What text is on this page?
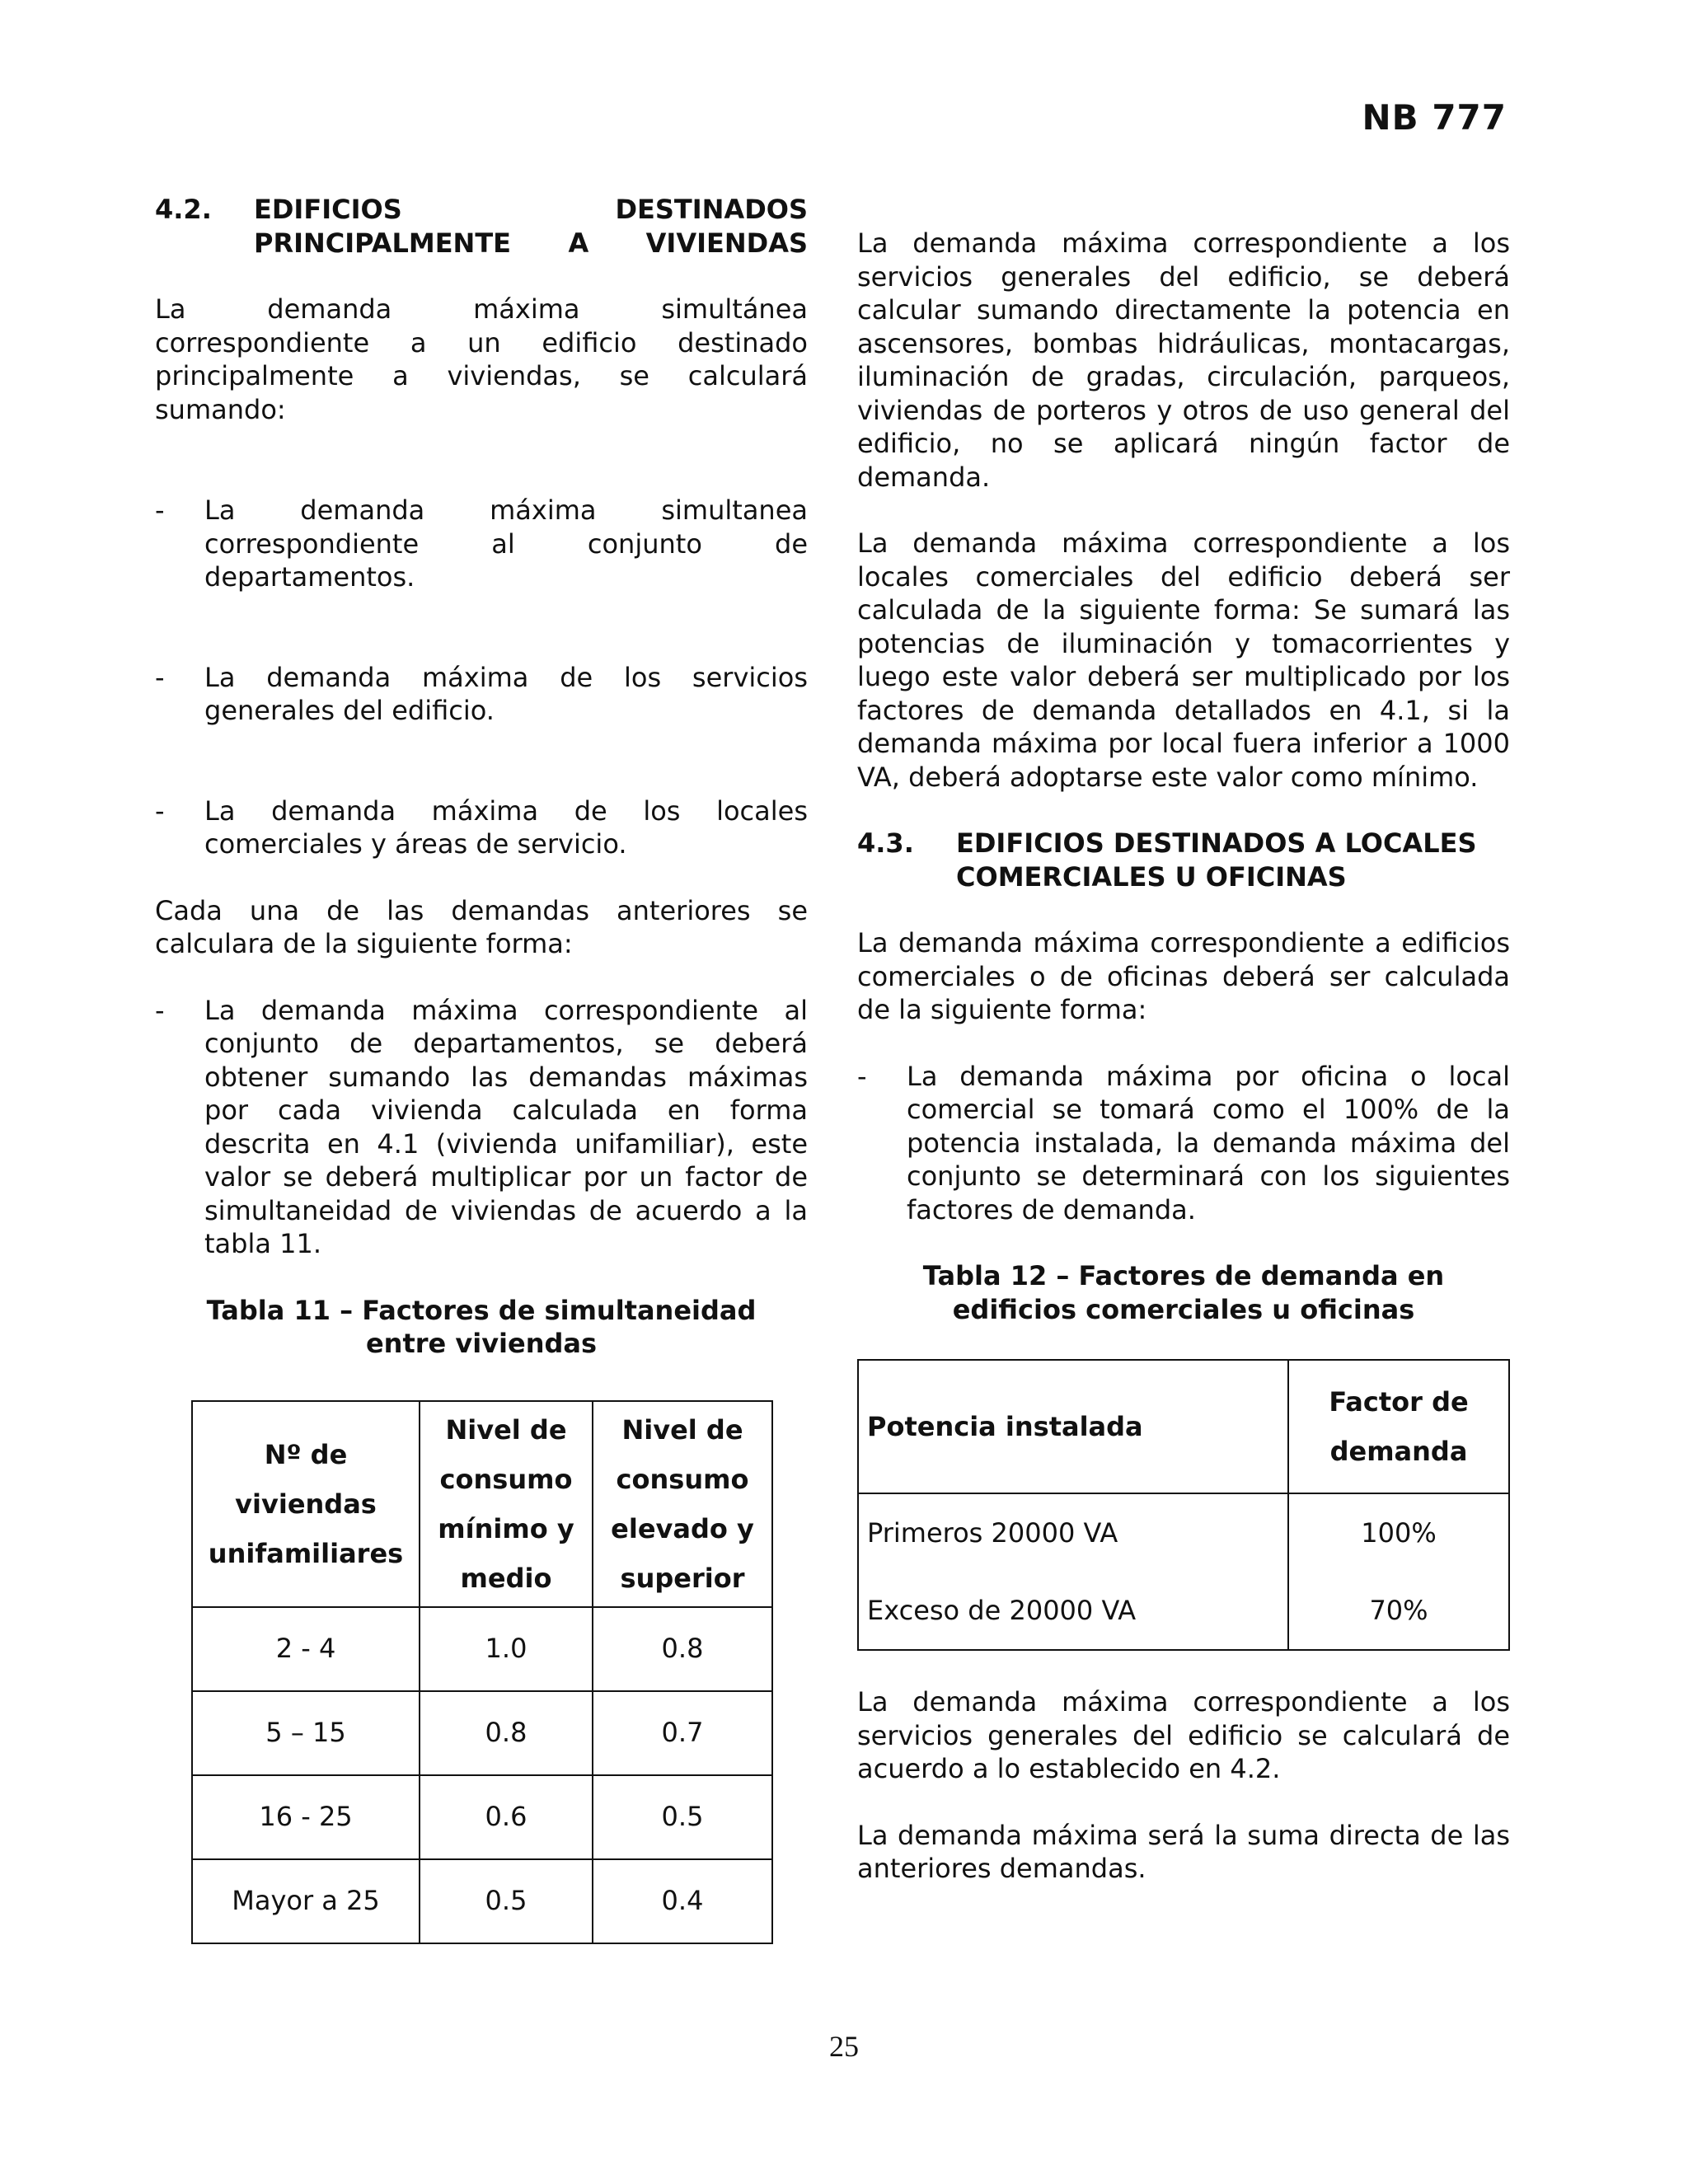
NB 777
4.2.	EDIFICIOS DESTINADOS PRINCIPALMENTE A VIVIENDAS

La demanda máxima simultánea correspondiente a un edificio destinado principalmente a viviendas, se calculará sumando:

-	La demanda máxima simultanea correspondiente al conjunto de departamentos.
-	La demanda máxima de los servicios generales del edificio.
-	La demanda máxima de los locales comerciales y áreas de servicio.

Cada una de las demandas anteriores se calculara de la siguiente forma:

-	La demanda máxima correspondiente al conjunto de departamentos, se deberá obtener sumando las demandas máximas por cada vivienda calculada en forma descrita en 4.1 (vivienda unifamiliar), este valor se deberá multiplicar por un factor de simultaneidad de viviendas de acuerdo a la tabla 11.
Tabla 11 – Factores de simultaneidad
entre viviendas
Nº de viviendas unifamiliares	Nivel de consumo mínimo y medio	Nivel de consumo elevado y superior
2 - 4	1.0	0.8
5 – 15	0.8	0.7
16 - 25	0.6	0.5
Mayor a 25	0.5	0.4

La demanda máxima correspondiente a los servicios generales del edificio, se deberá calcular sumando directamente la potencia en ascensores, bombas hidráulicas, montacargas, iluminación de gradas, circulación, parqueos, viviendas de porteros y otros de uso general del edificio, no se aplicará ningún factor de demanda.

La demanda máxima correspondiente a los locales comerciales del edificio deberá ser calculada de la siguiente forma: Se sumará las potencias de iluminación y tomacorrientes y luego este valor deberá ser multiplicado por los factores de demanda detallados en 4.1, si la demanda máxima por local fuera inferior a 1000 VA, deberá adoptarse este valor como mínimo.

4.3.	EDIFICIOS DESTINADOS A LOCALES COMERCIALES U OFICINAS

La demanda máxima correspondiente a edificios comerciales o de oficinas deberá ser calculada de la siguiente forma:

-	La demanda máxima por oficina o local comercial se tomará como el 100% de la potencia instalada, la demanda máxima del conjunto se determinará con los siguientes factores de demanda.
Tabla 12 – Factores de demanda en
edificios comerciales u oficinas
Potencia instalada	Factor de demanda
Primeros 20000 VA	100%
Exceso de 20000 VA	70%

La demanda máxima correspondiente a los servicios generales del edificio se calculará de acuerdo a lo establecido en 4.2.

La demanda máxima será la suma directa de las anteriores demandas.

25
